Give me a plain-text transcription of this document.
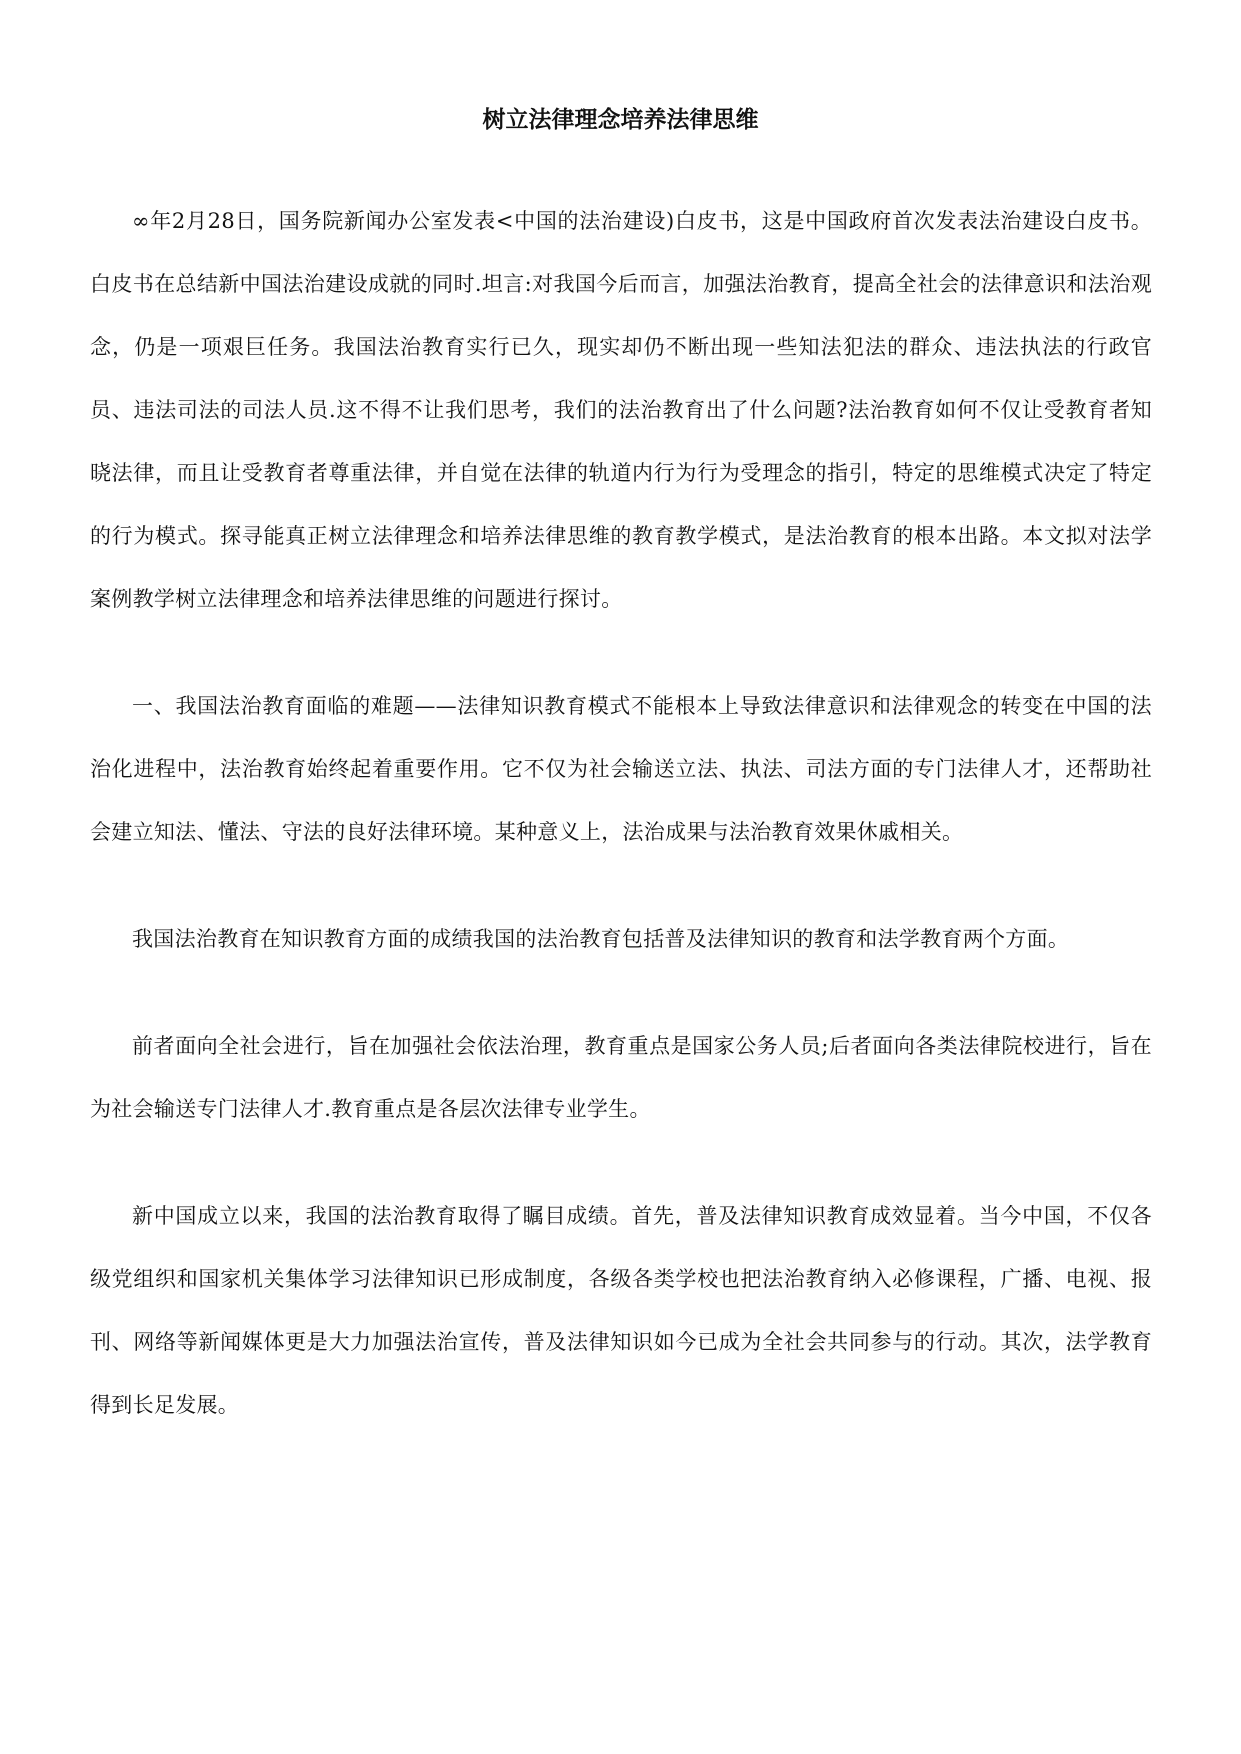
树立法律理念培养法律思维

∞年2月28日，国务院新闻办公室发表<中国的法治建设)白皮书，这是中国政府首次发表法治建设白皮书。白皮书在总结新中国法治建设成就的同时.坦言:对我国今后而言，加强法治教育，提高全社会的法律意识和法治观念，仍是一项艰巨任务。我国法治教育实行已久，现实却仍不断出现一些知法犯法的群众、违法执法的行政官员、违法司法的司法人员.这不得不让我们思考，我们的法治教育出了什么问题?法治教育如何不仅让受教育者知晓法律，而且让受教育者尊重法律，并自觉在法律的轨道内行为行为受理念的指引，特定的思维模式决定了特定的行为模式。探寻能真正树立法律理念和培养法律思维的教育教学模式，是法治教育的根本出路。本文拟对法学案例教学树立法律理念和培养法律思维的问题进行探讨。

一、我国法治教育面临的难题——法律知识教育模式不能根本上导致法律意识和法律观念的转变在中国的法治化进程中，法治教育始终起着重要作用。它不仅为社会输送立法、执法、司法方面的专门法律人才，还帮助社会建立知法、懂法、守法的良好法律环境。某种意义上，法治成果与法治教育效果休戚相关。

我国法治教育在知识教育方面的成绩我国的法治教育包括普及法律知识的教育和法学教育两个方面。

前者面向全社会进行，旨在加强社会依法治理，教育重点是国家公务人员;后者面向各类法律院校进行，旨在为社会输送专门法律人才.教育重点是各层次法律专业学生。

新中国成立以来，我国的法治教育取得了瞩目成绩。首先，普及法律知识教育成效显着。当今中国，不仅各级党组织和国家机关集体学习法律知识已形成制度，各级各类学校也把法治教育纳入必修课程，广播、电视、报刊、网络等新闻媒体更是大力加强法治宣传，普及法律知识如今已成为全社会共同参与的行动。其次，法学教育得到长足发展。
